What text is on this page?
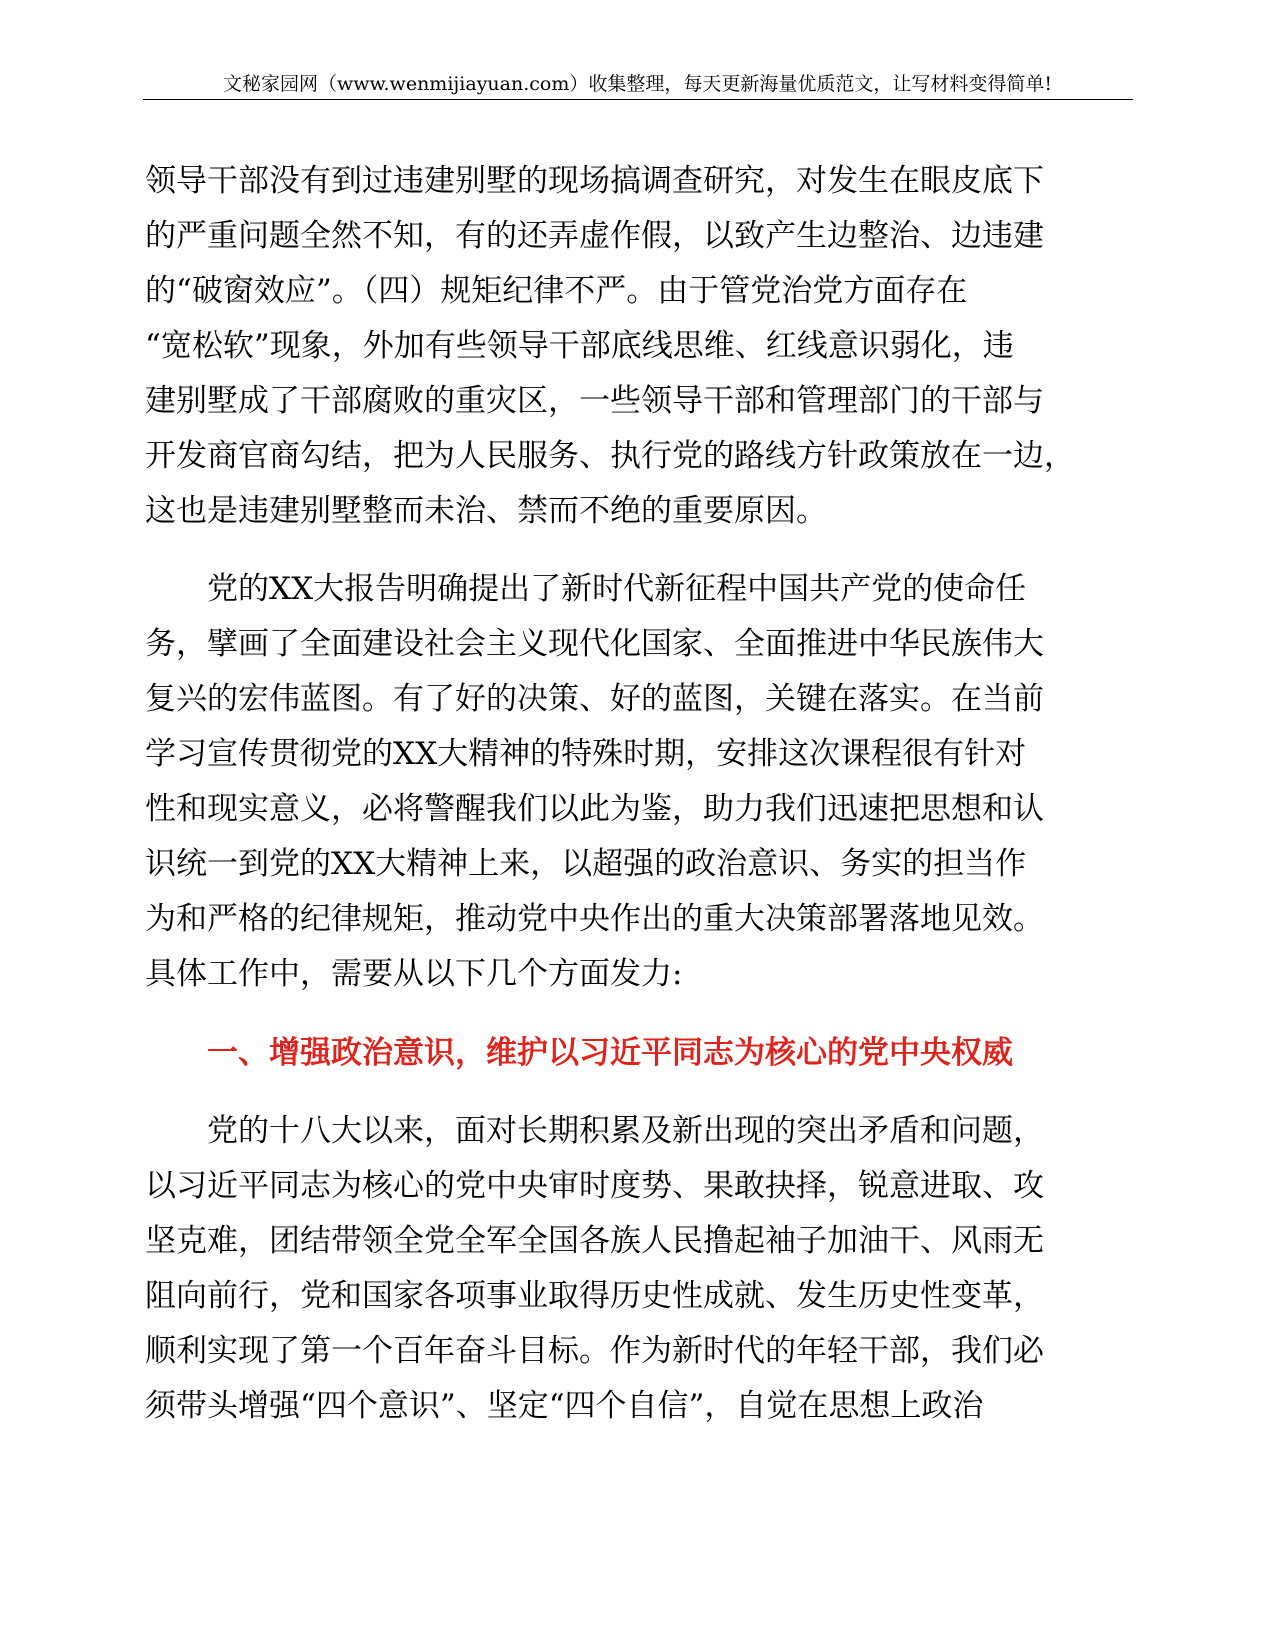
文秘家园网（www.wenmijiayuan.com）收集整理，每天更新海量优质范文，让写材料变得简单!
领导干部没有到过违建别墅的现场搞调查研究，对发生在眼皮底下
的严重问题全然不知，有的还弄虚作假，以致产生边整治、边违建
的“破窗效应”。（四）规矩纪律不严。由于管党治党方面存在
“宽松软”现象，外加有些领导干部底线思维、红线意识弱化，违
建别墅成了干部腐败的重灾区，一些领导干部和管理部门的干部与
开发商官商勾结，把为人民服务、执行党的路线方针政策放在一边，
这也是违建别墅整而未治、禁而不绝的重要原因。
党的XX大报告明确提出了新时代新征程中国共产党的使命任
务，擘画了全面建设社会主义现代化国家、全面推进中华民族伟大
复兴的宏伟蓝图。有了好的决策、好的蓝图，关键在落实。在当前
学习宣传贯彻党的XX大精神的特殊时期，安排这次课程很有针对
性和现实意义，必将警醒我们以此为鉴，助力我们迅速把思想和认
识统一到党的XX大精神上来，以超强的政治意识、务实的担当作
为和严格的纪律规矩，推动党中央作出的重大决策部署落地见效。
具体工作中，需要从以下几个方面发力:
一、增强政治意识，维护以习近平同志为核心的党中央权威
党的十八大以来，面对长期积累及新出现的突出矛盾和问题，
以习近平同志为核心的党中央审时度势、果敢抉择，锐意进取、攻
坚克难，团结带领全党全军全国各族人民撸起袖子加油干、风雨无
阻向前行，党和国家各项事业取得历史性成就、发生历史性变革，
顺利实现了第一个百年奋斗目标。作为新时代的年轻干部，我们必
须带头增强“四个意识”、坚定“四个自信”，自觉在思想上政治
